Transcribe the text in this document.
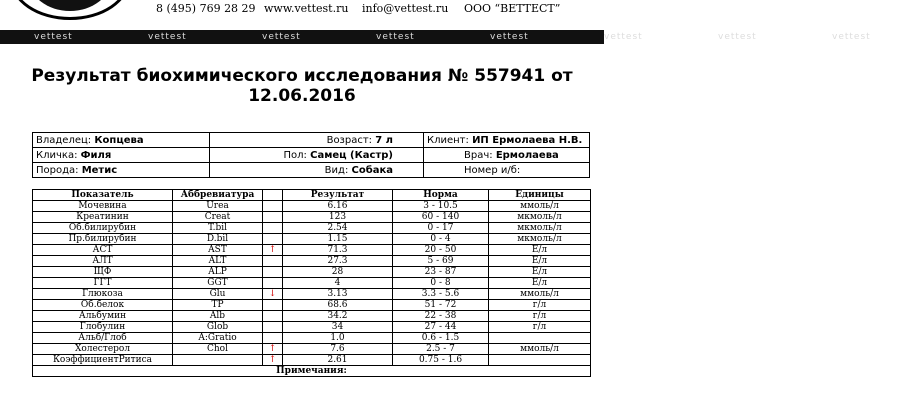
8 (495) 769 28 29 www.vettest.ru info@vettest.ru ООО “ВЕТТЕСТ”
vettest	vettest	vettest	vettest	vettest	vettest	vettest	vettest
Результат биохимического исследования № 557941 от
12.06.2016
Владелец: Копцева	Возраст: 7 л	Клиент: ИП Ермолаева Н.В.
Кличка: Филя	Пол: Самец (Кастр)	Врач: Ермолаева
Порода: Метис	Вид: Собака	Номер и/б:
Показатель	Аббревиатура		Результат	Норма	Единицы
Мочевина	Urea		6.16	3 - 10.5	ммоль/л
Креатинин	Creat		123	60 - 140	мкмоль/л
Об.билирубин	T.bil		2.54	0 - 17	мкмоль/л
Пр.билирубин	D.bil		1.15	0 - 4	мкмоль/л
АСТ	AST	↑	71.3	20 - 50	Е/л
АЛТ	ALT		27.3	5 - 69	Е/л
ЩФ	ALP		28	23 - 87	Е/л
ГГТ	GGT		4	0 - 8	Е/л
Глюкоза	Glu	↓	3.13	3.3 - 5.6	ммоль/л
Об.белок	TP		68.6	51 - 72	г/л
Альбумин	Alb		34.2	22 - 38	г/л
Глобулин	Glob		34	27 - 44	г/л
Альб/Глоб	A:Gratio		1.0	0.6 - 1.5	
Холестерол	Chol	↑	7.6	2.5 - 7	ммоль/л
КоэффициентРитиса		↑	2.61	0.75 - 1.6	
Примечания:					
